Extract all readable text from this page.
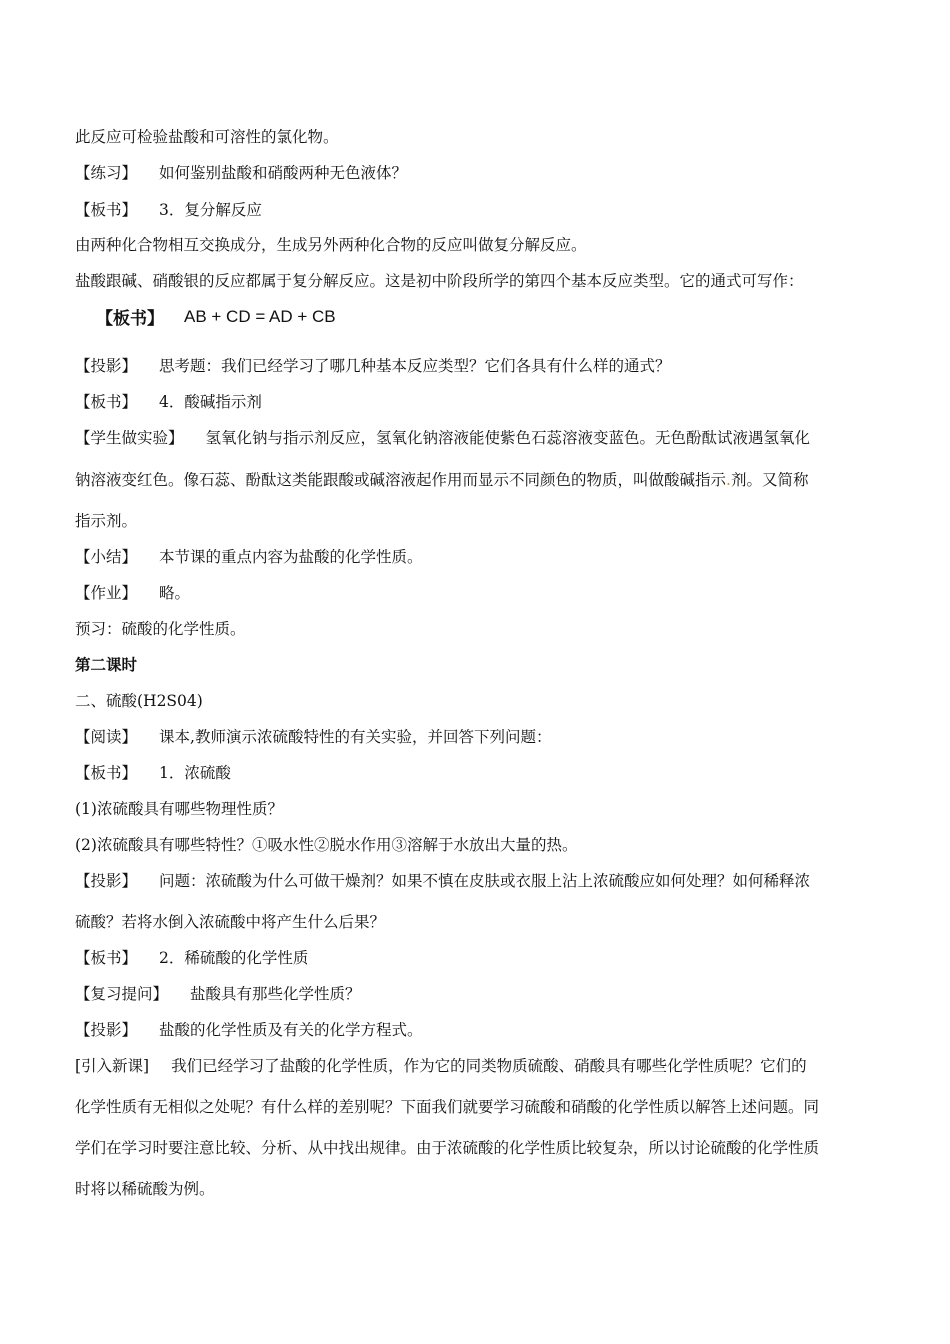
此反应可检验盐酸和可溶性的氯化物。
【练习】 如何鉴别盐酸和硝酸两种无色液体？
【板书】 3．复分解反应
由两种化合物相互交换成分，生成另外两种化合物的反应叫做复分解反应。
盐酸跟碱、硝酸银的反应都属于复分解反应。这是初中阶段所学的第四个基本反应类型。它的通式可写作：
【板书】 AB + CD = AD + CB
【投影】 思考题：我们已经学习了哪几种基本反应类型？它们各具有什么样的通式？
【板书】 4．酸碱指示剂
【学生做实验】 氢氧化钠与指示剂反应，氢氧化钠溶液能使紫色石蕊溶液变蓝色。无色酚酞试液遇氢氧化
钠溶液变红色。像石蕊、酚酞这类能跟酸或碱溶液起作用而显示不同颜色的物质，叫做酸碱指示.剂。又简称
指示剂。
【小结】 本节课的重点内容为盐酸的化学性质。
【作业】 略。
预习：硫酸的化学性质。
第二课时
二、硫酸(H2S04)
【阅读】 课本,教师演示浓硫酸特性的有关实验，并回答下列问题：
【板书】 1．浓硫酸
(1)浓硫酸具有哪些物理性质？
(2)浓硫酸具有哪些特性？①吸水性②脱水作用③溶解于水放出大量的热。
【投影】 问题：浓硫酸为什么可做干燥剂？如果不慎在皮肤或衣服上沾上浓硫酸应如何处理？如何稀释浓
硫酸？若将水倒入浓硫酸中将产生什么后果？
【板书】 2．稀硫酸的化学性质
【复习提问】 盐酸具有那些化学性质？
【投影】 盐酸的化学性质及有关的化学方程式。
[引入新课] 我们已经学习了盐酸的化学性质，作为它的同类物质硫酸、硝酸具有哪些化学性质呢？它们的
化学性质有无相似之处呢？有什么样的差别呢？下面我们就要学习硫酸和硝酸的化学性质以解答上述问题。同
学们在学习时要注意比较、分析、从中找出规律。由于浓硫酸的化学性质比较复杂，所以讨论硫酸的化学性质
时将以稀硫酸为例。
